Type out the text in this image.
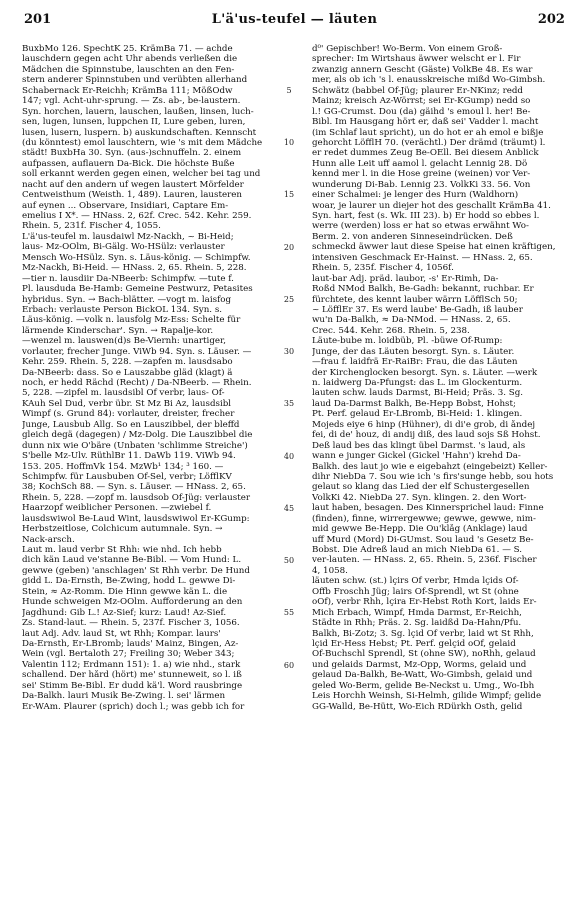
201	L'ä'us-teufel — läuten	202
BuxbMo 126. SpechtK 25. KrämBa 71. — achde
lauschdern gegen acht Uhr abends verließen die
Mädchen die Spinnstube, lauschten an den Fen-
stern anderer Spinnstuben und verübten allerhand
Schabernack Er-Reichh; KrämBa 111; MößOdw
147; vgl. Acht-uhr-sprung. — Zs. ab-, be-laustern.
Syn. horchen, lauern, lauschen, laußen, linsen, luch-
sen, lugen, lunsen, luppchen II, Lure geben, luren,
lusen, lusern, luspern. b) auskundschaften. Kennscht
(du könntest) emol lauschtern, wie 's mit dem Mädche
städt! BuxbHa 30. Syn. (aus-)schnuffeln. 2. einem
aufpassen, auflauern Da-Bick. Die höchste Buße
soll erkannt werden gegen einen, welcher bei tag und
nacht auf den andern uf wegen laustert Mörfelder
Centweisthum (Weisth. 1, 489). Lauren, lausteren
auf eynen ... Observare, Insidiari, Captare Em-
emelius I X*. — HNass. 2, 62f. Crec. 542. Kehr. 259.
Rhein. 5, 231f. Fischer 4, 1055.
L'ä'us-teufel m. lausdaiwl Mz-Nackh, ~ Bi-Heid;
laus- Mz-OOlm, Bi-Gälg. Wo-HSülz: verlauster
Mensch Wo-HSülz. Syn. s. Läus-könig. — Schimpfw.
Mz-Nackh, Bi-Heid. — HNass. 2, 65. Rhein. 5, 228.
—tier n. lausdiir Da-NBeerb: Schimpfw. —tute f.
Pl. lausduda Be-Hamb: Gemeine Pestwurz, Petasites
hybridus. Syn. → Bach-blätter. —vogt m. laisfog
Erbach: verlauste Person BickOL 134. Syn. s.
Läus-könig. —volk n. lausfolg Mz-Ess: Schelte für
lärmende Kinderschar'. Syn. → Rapalje-kor.
—wenzel m. lauswen(d)s Be-Viernh: unartiger,
vorlauter, frecher Junge. ViWb 94. Syn. s. Läuser. —
Kehr. 259. Rhein. 5, 228. —zapfen m. lausdsabo
Da-NBeerb: dass. So e Lauszabbe gläd (klagt) ä
noch, er hedd Rächd (Recht) / Da-NBeerb. — Rhein.
5, 228. —zipfel m. lausdsibl Of verbr, laus- Of-
KAuh Sel Dud, verbr übr. St Mz Bi Az, lausdsibl
Wimpf (s. Grund 84): vorlauter, dreister, frecher
Junge, Lausbub Allg. So en Lauszibbel, der bleffd
gleich degä (dagegen) / Mz-Dolg. Die Lauszibbel die
dunn nix wie Ö'bäre (Unbaten 'schlimme Streiche')
S'belle Mz-Ülv. RüthlBr 11. DaWb 119. ViWb 94.
153. 205. HoffmVk 154. MzWb¹ 134; ³ 160. —
Schimpfw. für Lausbuben Of-Sel, verbr; LöfflKV
38; KochSch 88. — Syn. s. Läuser. — HNass. 2, 65.
Rhein. 5, 228. —zopf m. lausdsob Of-Jüg: verlauster
Haarzopf weiblicher Personen. —zwiebel f.
lausdswiwol Be-Laud Wint, lausdswiwol Er-KGump:
Herbstzeitlose, Colchicum autumnale. Syn. →
Nack-arsch.
Laut m. laud verbr St Rhh: wie nhd. Ich hebb
dich kän Laud ve'stanne Be-Bibl. — Vom Hund: L.
gewwe (geben) 'anschlagen' St Rhh verbr. De Hund
gidd L. Da-Ernsth, Be-Zwing, hodd L. gewwe Di-
Stein, ≈ Az-Romm. Die Hinn gewwe kän L. die
Hunde schweigen Mz-OOlm. Aufforderung an den
Jagdhund: Gib L.! Az-Sief; kurz: Laud! Az-Sief.
Zs. Stand-laut. — Rhein. 5, 237f. Fischer 3, 1056.
laut Adj. Adv. laud St, wt Rhh; Kompar. laurs'
Da-Ernsth, Er-LBromb; lauds' Mainz, Bingen, Az-
Wein (vgl. Bertaloth 27; Freiling 30; Weber 343;
Valentin 112; Erdmann 151): 1. a) wie nhd., stark
schallend. Der hård (hört) me' stunneweit, so l. iß
sei' Stimm Be-Bibl. Er dudd kä'l. Word rausbringe
Da-Balkh. lauri Musik Be-Zwing. l. sei' lärmen
Er-WAm. Plaurer (sprich) doch l.; was gebb ich for
5
10
15
20
25
30
35
40
45
50
55
60
d⁰' Gepischber! Wo-Berm. Von einem Groß-
sprecher: Im Wirtshaus äwwer welscht er l. Fir
zwanzig annern Gescht (Gäste) VolkBe 48. Es war
mer, als ob ich 's l. enausskreische mißd Wo-Gimbsh.
Schwätz (babbel Of-Jüg; plaurer Er-NKinz; redd
Mainz; kreisch Az-Wörrst; sei Er-KGump) nedd so
l.! GG-Crumst. Dou (da) gäihd 's emoul l. her! Be-
Bibl. Im Hausgang hört er, daß sei' Vadder l. macht
(im Schlaf laut spricht), un do hot er ah emol e bißje
gehorcht LöfflH 70. (verächtl.) Der drämd (träumt) l.
er redet dummes Zeug Be-OEll. Bei diesem Anblick
Hunn alle Leit uff aamol l. gelacht Lennig 28. Dö
kennd mer l. in die Hose greine (weinen) vor Ver-
wunderung Di-Bab. Lennig 23. VolkKi 33. 56. Von
einer Schalmei: je lenger des Hurn (Waldhorn)
woar, je laurer un diejer hot des geschallt KrämBa 41.
Syn. hart, fest (s. Wk. III 23). b) Er hodd so ebbes l.
werre (werden) loss er hat so etwas erwähnt Wo-
Berm. 2. von anderen Sinneseindrücken. Deß
schmeckd äwwer laut diese Speise hat einen kräftigen,
intensiven Geschmack Er-Hainst. — HNass. 2, 65.
Rhein. 5, 235f. Fischer 4, 1056f.
laut-bar Adj. präd. laubor, -s' Er-Rimh, Da-
Roßd NMod Balkh, Be-Gadh: bekannt, ruchbar. Er
fürchtete, des kennt lauber wärrn LöfflSch 50;
~ LöfflEr 37. Es werd laube' Be-Gadh, iß lauber
wu'n Da-Balkh, ≈ Da-NMod. — HNass. 2, 65.
Crec. 544. Kehr. 268. Rhein. 5, 238.
Läute-bube m. loidbüb, Pl. -büwe Of-Rump:
Junge, der das Läuten besorgt. Syn. s. Läuter.
—frau f. laidfrä Er-RaiBr: Frau, die das Läuten
der Kirchenglocken besorgt. Syn. s. Läuter. —werk
n. laidwerg Da-Pfungst: das L. im Glockenturm.
lauten schw. lauds Darmst, Bi-Heid; Präs. 3. Sg.
laud Da-Darmst Balkh, Be-Hepp Bobst, Hohst;
Pt. Perf. gelaud Er-LBromb, Bi-Heid: 1. klingen.
Mojeds eiye 6 hinp (Hühner), di di'e grob, di åndej
fei, di de' houz, di andij diß, des laud sojs Sß Hohst.
Deß laud bes das klingt übel Darmst. 's laud, als
wann e junger Gickel (Gickel 'Hahn') krehd Da-
Balkh. des laut jo wie e eigebahzt (eingebeizt) Keller-
dihr NiebDa 7. Sou wie ich 's firs'sunge hebb, sou hots
gelaut so klang das Lied der elf Schustergesellen
VolkKi 42. NiebDa 27. Syn. klingen. 2. den Wort-
laut haben, besagen. Des Kinnersprichel laud: Finne
(finden), finne, wirrergewwe; gewwe, gewwe, nim-
mid gewwe Be-Hepp. Die Ou'klåg (Anklage) laud
uff Murd (Mord) Di-GUmst. Sou laud 's Gesetz Be-
Bobst. Die Adreß laud an mich NiebDa 61. — S.
ver-lauten. — HNass. 2, 65. Rhein. 5, 236f. Fischer
4, 1058.
läuten schw. (st.) lçirs Of verbr, Hmda lçids Of-
Offb Froschh Jüg; lairs Of-Sprendl, wt St (ohne
oOf), verbr Rhh, lçira Er-Hebst Roth Kort, laids Er-
Mich Erbach, Wimpf, Hmda Darmst, Er-Reichh,
Städte in Rhh; Präs. 2. Sg. laidßd Da-Hahn/Pfu.
Balkh, Bi-Zotz; 3. Sg. lçid Of verbr, laid wt St Rhh,
lçid Er-Hess Hebst; Pt. Perf. gelçid oOf, gelaid
Of-Buchschl Sprendl, St (ohne SW), noRhh, gelaud
und gelaids Darmst, Mz-Opp, Worms, gelaid und
gelaud Da-Balkh, Be-Watt, Wo-Gimbsh, gelaid und
geled Wo-Berm, gelide Be-Neckst u. Umg., Wo-Ibh
Leis Horchh Weinsh, Si-Helmh, gilide Wimpf; gelide
GG-Walld, Be-Hütt, Wo-Eich RDürkh Osth, gelid
